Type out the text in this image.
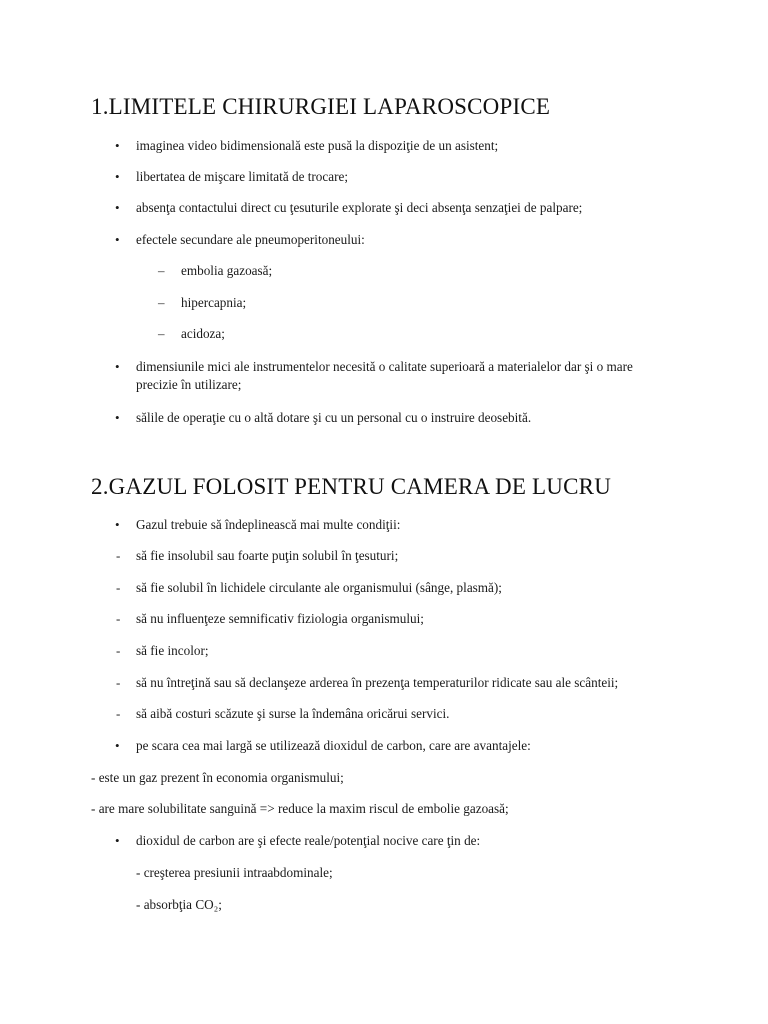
1.LIMITELE CHIRURGIEI LAPAROSCOPICE
• imaginea video bidimensională este pusă la dispoziţie de un asistent;
• libertatea de mişcare limitată de trocare;
• absenţa contactului direct cu ţesuturile explorate şi deci absenţa senzaţiei de palpare;
• efectele secundare ale pneumoperitoneului:
– embolia gazoasă;
– hipercapnia;
– acidoza;
• dimensiunile mici ale instrumentelor necesită o calitate superioară a materialelor dar şi o mare
precizie în utilizare;
• sălile de operaţie cu o altă dotare şi cu un personal cu o instruire deosebită.
2.GAZUL FOLOSIT PENTRU CAMERA DE LUCRU
• Gazul trebuie să îndeplinească mai multe condiţii:
- să fie insolubil sau foarte puţin solubil în ţesuturi;
- să fie solubil în lichidele circulante ale organismului (sânge, plasmă);
- să nu influenţeze semnificativ fiziologia organismului;
- să fie incolor;
- să nu întreţină sau să declanşeze arderea în prezenţa temperaturilor ridicate sau ale scânteii;
- să aibă costuri scăzute şi surse la îndemâna oricărui servici.
• pe scara cea mai largă se utilizează dioxidul de carbon, care are avantajele:
- este un gaz prezent în economia organismului;
- are mare solubilitate sanguină => reduce la maxim riscul de embolie gazoasă;
• dioxidul de carbon are şi efecte reale/potenţial nocive care ţin de:
- creşterea presiunii intraabdominale;
- absorbţia CO₂;
